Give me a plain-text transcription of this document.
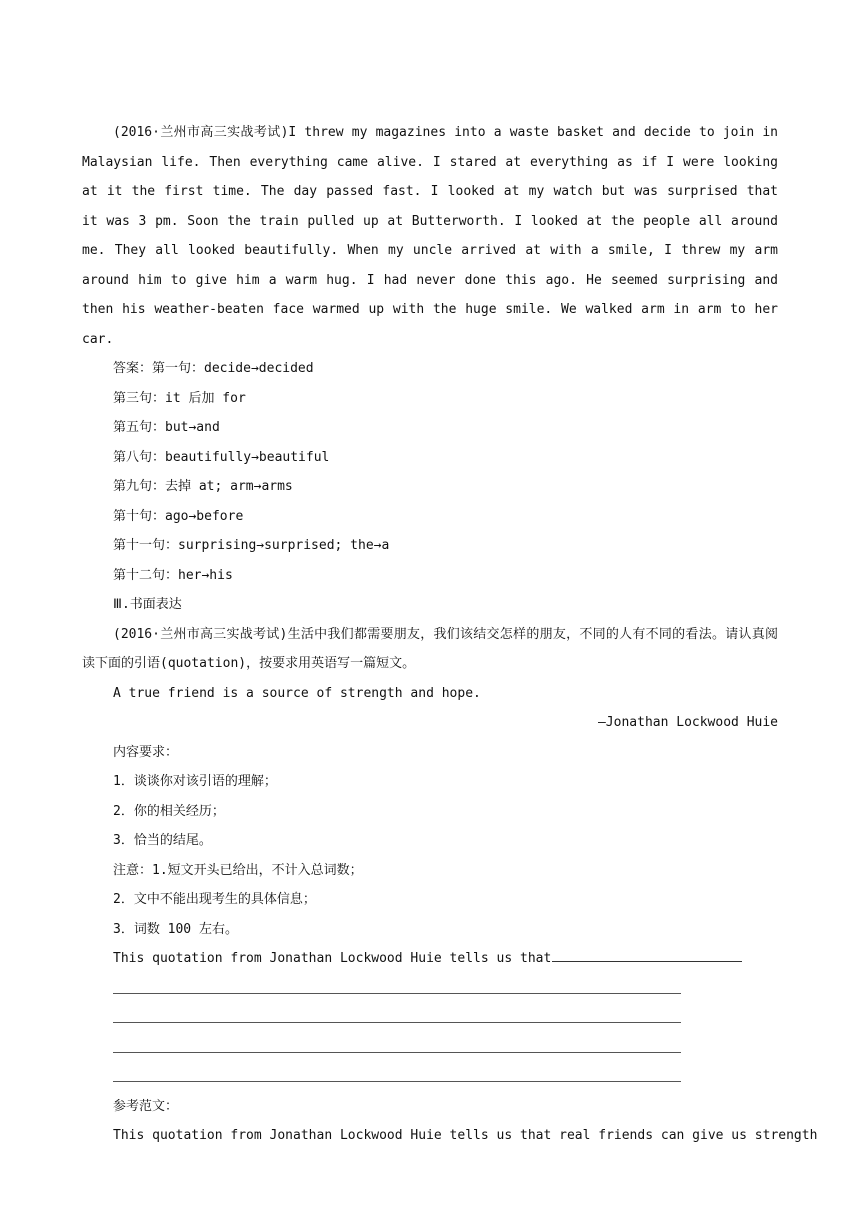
(2016·兰州市高三实战考试)I threw my magazines into a waste basket and decide to join in Malaysian life. Then everything came alive. I stared at everything as if I were looking at it the first time. The day passed fast. I looked at my watch but was surprised that it was 3 pm. Soon the train pulled up at Butterworth. I looked at the people all around me. They all looked beautifully. When my uncle arrived at with a smile, I threw my arm around him to give him a warm hug. I had never done this ago. He seemed surprising and then his weather-beaten face warmed up with the huge smile. We walked arm in arm to her car.

答案：第一句：decide→decided
第三句：it 后加 for
第五句：but→and
第八句：beautifully→beautiful
第九句：去掉 at; arm→arms
第十句：ago→before
第十一句：surprising→surprised; the→a
第十二句：her→his
Ⅲ.书面表达

(2016·兰州市高三实战考试)生活中我们都需要朋友，我们该结交怎样的朋友，不同的人有不同的看法。请认真阅读下面的引语(quotation)，按要求用英语写一篇短文。

A true friend is a source of strength and hope.
—Jonathan Lockwood Huie
内容要求：
1．谈谈你对该引语的理解；
2．你的相关经历；
3．恰当的结尾。
注意：1.短文开头已给出，不计入总词数；
2．文中不能出现考生的具体信息；
3．词数 100 左右。
This quotation from Jonathan Lockwood Huie tells us that
参考范文：
This quotation from Jonathan Lockwood Huie tells us that real friends can give us strength
